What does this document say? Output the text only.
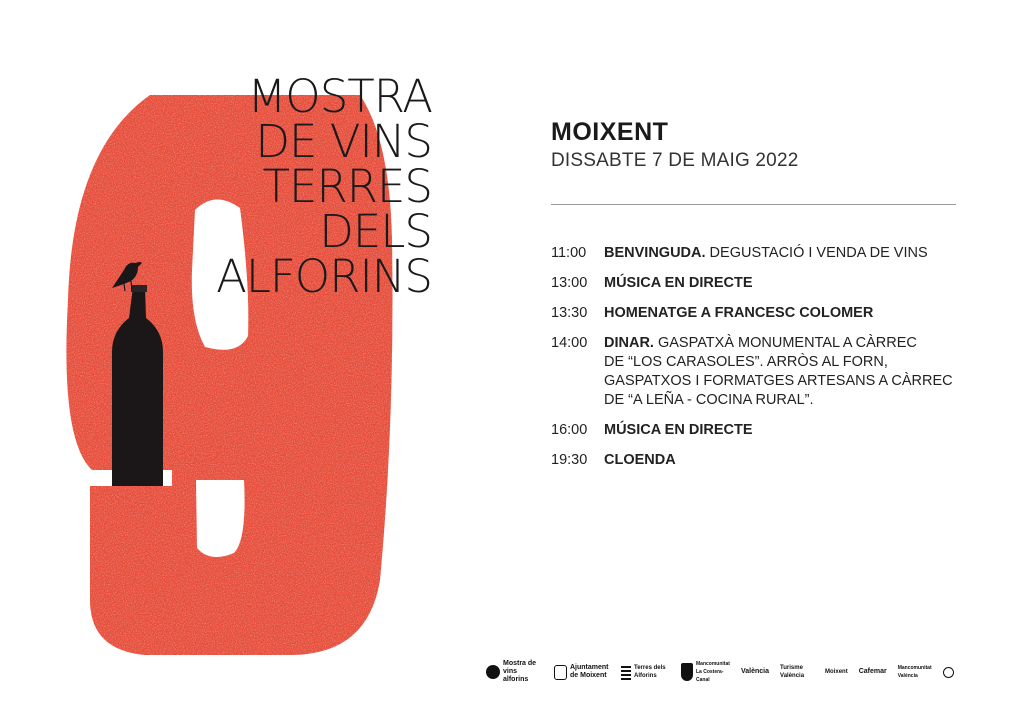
MOSTRA
DE VINS
TERRES
DELS
ALFORINS
MOIXENT
DISSABTE 7 DE MAIG 2022
11:00	BENVINGUDA. DEGUSTACIÓ I VENDA DE VINS
13:00	MÚSICA EN DIRECTE
13:30	HOMENATGE A FRANCESC COLOMER
14:00	DINAR. GASPATXÀ MONUMENTAL A CÀRREC
DE “LOS CARASOLES”. ARRÒS AL FORN,
GASPATXOS I FORMATGES ARTESANS A CÀRREC
DE “A LEÑA - COCINA RURAL”.
16:00	MÚSICA EN DIRECTE
19:30	CLOENDA
Mostra de vins alforins
Ajuntament de Moixent
Terres dels Alforins
Mancomunitat La Costera-Canal
València Turisme València
Moixent Cafemar Mancomunitat València
